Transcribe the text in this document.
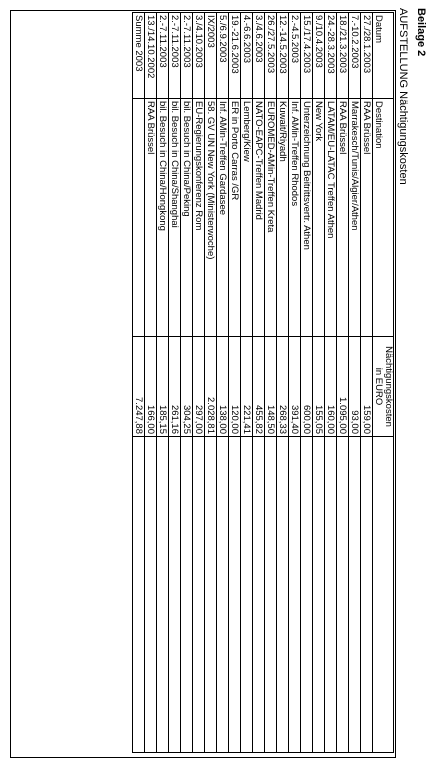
Beilage 2
AUFSTELLUNG Nächtigungskosten
Datum	Destination	Nächtigungskosten
in EURO	

27./28.1.2003	RAA Brüssel	159,00	
7.-10.2.2003	Marrakesch/Tunis/Algier/Athen	93,00	
18./21.3.2003	RAA Brüssel	1.095,00	
24.-28.3.2003	LATAM/EU-LATAC Treffen Athen	160,00	
9./10.4.2003	New York	155,05	
15./17.4.2003	Unterzeichnung Beitrittsvertr. Athen	600,00	
2.-4.5.2003	Inf. AMin-Treffen Rhodos	391,40	
12.-14.5.2003	Kuwait/Riyadh	268,33	
26./27.5.2003	EUROMED-AMin-Treffen Kreta	148,50	
3./4.6.2003	NATO-EAPC-Treffen Madrid	455,82	
4.-6.6.2003	Lemberg/Kiew	221,41	
19.-21.6.2003	ER in Porto Carras /GR	120,00	
5./6.9.2003	Inf. AMin-Treffen Gardasee	138,00	
IX/2003	58. GV UN New York (Ministerwoche)	2.028,81	
3./4.10.2003	EU-Regierungskonferenz Rom	297,00	
2.-7.11.2003	bil. Besuch in China/Peking	304,25	
2.-7.11.2003	bil. Besuch in China/Shanghai	261,16	
2.-7.11.2003	bil. Besuch in China/Hongkong	185,15	
13./14.10.2002	RAA Brüssel	166,00	
Summe 2003		7.247,88	
